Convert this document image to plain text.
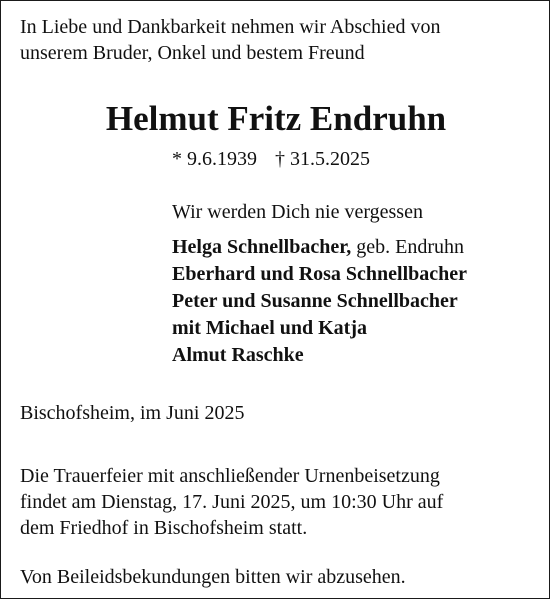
In Liebe und Dankbarkeit nehmen wir Abschied von
unserem Bruder, Onkel und bestem Freund

Helmut Fritz Endruhn

* 9.6.1939 † 31.5.2025

Wir werden Dich nie vergessen

Helga Schnellbacher, geb. Endruhn
Eberhard und Rosa Schnellbacher
Peter und Susanne Schnellbacher
mit Michael und Katja
Almut Raschke

Bischofsheim, im Juni 2025

Die Trauerfeier mit anschließender Urnenbeisetzung
findet am Dienstag, 17. Juni 2025, um 10:30 Uhr auf
dem Friedhof in Bischofsheim statt.

Von Beileidsbekundungen bitten wir abzusehen.
